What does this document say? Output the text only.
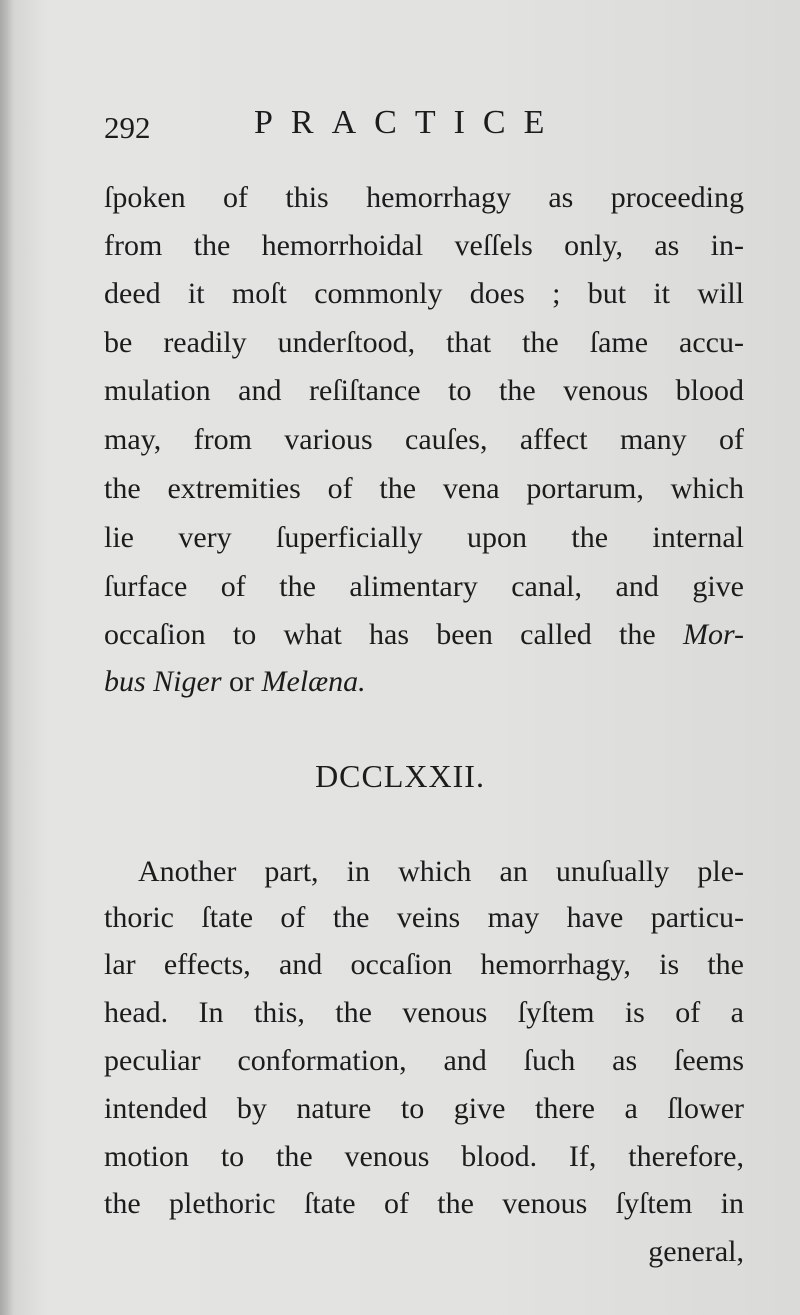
292	PRACTICE
ſpoken of this hemorrhagy as proceeding
from the hemorrhoidal veſſels only, as in-
deed it moſt commonly does ; but it will
be readily underſtood, that the ſame accu-
mulation and reſiſtance to the venous blood
may, from various cauſes, affect many of
the extremities of the vena portarum, which
lie very ſuperficially upon the internal
ſurface of the alimentary canal, and give
occaſion to what has been called the Mor-
bus Niger or Melæna.
DCCLXXII.
Another part, in which an unuſually ple-
thoric ſtate of the veins may have particu-
lar effects, and occaſion hemorrhagy, is the
head. In this, the venous ſyſtem is of a
peculiar conformation, and ſuch as ſeems
intended by nature to give there a ſlower
motion to the venous blood. If, therefore,
the plethoric ſtate of the venous ſyſtem in
general,
